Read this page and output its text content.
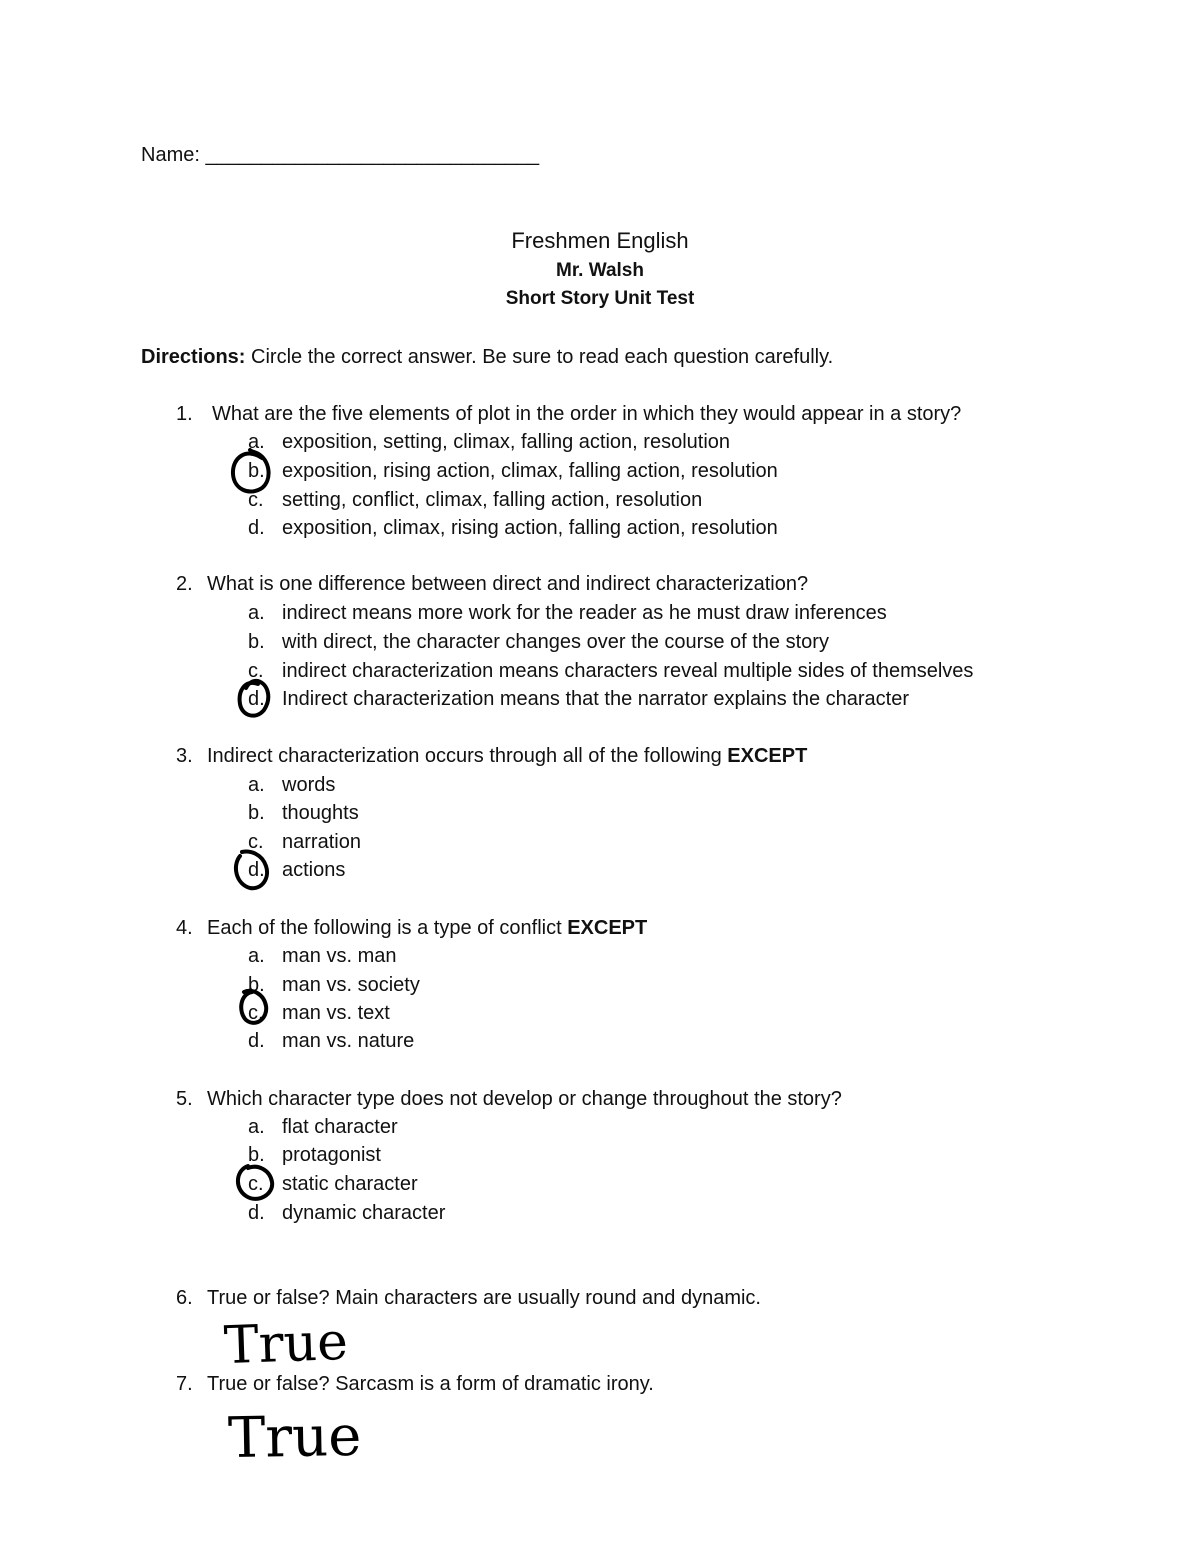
Name: ______________________________
Freshmen English
Mr. Walsh
Short Story Unit Test
Directions: Circle the correct answer. Be sure to read each question carefully.
1. What are the five elements of plot in the order in which they would appear in a story?
a. exposition, setting, climax, falling action, resolution
b. exposition, rising action, climax, falling action, resolution
c. setting, conflict, climax, falling action, resolution
d. exposition, climax, rising action, falling action, resolution
2. What is one difference between direct and indirect characterization?
a. indirect means more work for the reader as he must draw inferences
b. with direct, the character changes over the course of the story
c. indirect characterization means characters reveal multiple sides of themselves
d. Indirect characterization means that the narrator explains the character
3. Indirect characterization occurs through all of the following EXCEPT
a. words
b. thoughts
c. narration
d. actions
4. Each of the following is a type of conflict EXCEPT
a. man vs. man
b. man vs. society
c. man vs. text
d. man vs. nature
5. Which character type does not develop or change throughout the story?
a. flat character
b. protagonist
c. static character
d. dynamic character
6. True or false? Main characters are usually round and dynamic.
7. True or false? Sarcasm is a form of dramatic irony.
True
True
